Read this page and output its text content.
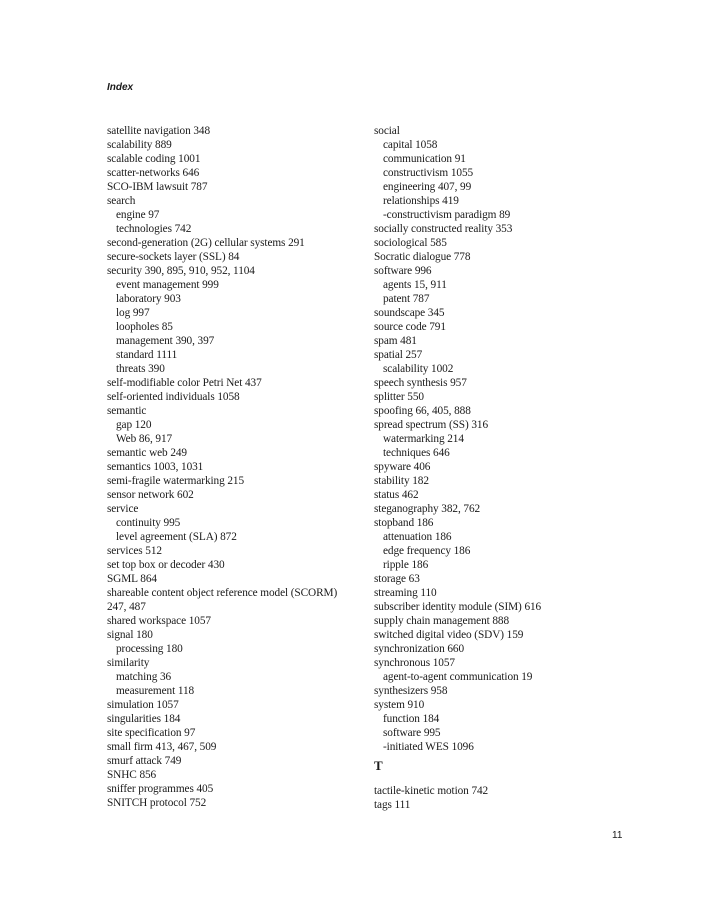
Index
satellite navigation 348
scalability 889
scalable coding 1001
scatter-networks 646
SCO-IBM lawsuit 787
search
engine 97
technologies 742
second-generation (2G) cellular systems 291
secure-sockets layer (SSL) 84
security 390, 895, 910, 952, 1104
event management 999
laboratory 903
log 997
loopholes 85
management 390, 397
standard 1111
threats 390
self-modifiable color Petri Net 437
self-oriented individuals 1058
semantic
gap 120
Web 86, 917
semantic web 249
semantics 1003, 1031
semi-fragile watermarking 215
sensor network 602
service
continuity 995
level agreement (SLA) 872
services 512
set top box or decoder 430
SGML 864
shareable content object reference model (SCORM)
247, 487
shared workspace 1057
signal 180
processing 180
similarity
matching 36
measurement 118
simulation 1057
singularities 184
site specification 97
small firm 413, 467, 509
smurf attack 749
SNHC 856
sniffer programmes 405
SNITCH protocol 752
social
capital 1058
communication 91
constructivism 1055
engineering 407, 99
relationships 419
-constructivism paradigm 89
socially constructed reality 353
sociological 585
Socratic dialogue 778
software 996
agents 15, 911
patent 787
soundscape 345
source code 791
spam 481
spatial 257
scalability 1002
speech synthesis 957
splitter 550
spoofing 66, 405, 888
spread spectrum (SS) 316
watermarking 214
techniques 646
spyware 406
stability 182
status 462
steganography 382, 762
stopband 186
attenuation 186
edge frequency 186
ripple 186
storage 63
streaming 110
subscriber identity module (SIM) 616
supply chain management 888
switched digital video (SDV) 159
synchronization 660
synchronous 1057
agent-to-agent communication 19
synthesizers 958
system 910
function 184
software 995
-initiated WES 1096
T
tactile-kinetic motion 742
tags 111
11
